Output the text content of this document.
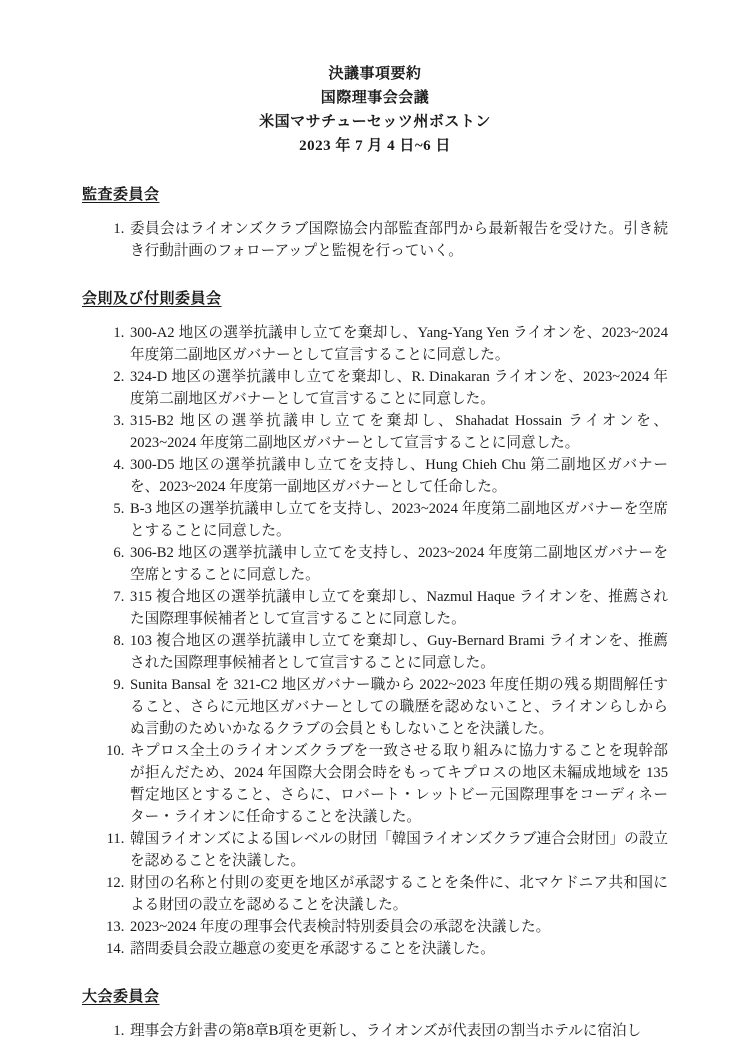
決議事項要約
国際理事会会議
米国マサチューセッツ州ボストン
2023 年 7 月 4 日~6 日
監査委員会
1. 委員会はライオンズクラブ国際協会内部監査部門から最新報告を受けた。引き続き行動計画のフォローアップと監視を行っていく。
会則及び付則委員会
1. 300-A2 地区の選挙抗議申し立てを棄却し、Yang-Yang Yen ライオンを、2023~2024 年度第二副地区ガバナーとして宣言することに同意した。
2. 324-D 地区の選挙抗議申し立てを棄却し、R. Dinakaran ライオンを、2023~2024 年度第二副地区ガバナーとして宣言することに同意した。
3. 315-B2 地区の選挙抗議申し立てを棄却し、Shahadat Hossain ライオンを、2023~2024 年度第二副地区ガバナーとして宣言することに同意した。
4. 300-D5 地区の選挙抗議申し立てを支持し、Hung Chieh Chu 第二副地区ガバナーを、2023~2024 年度第一副地区ガバナーとして任命した。
5. B-3 地区の選挙抗議申し立てを支持し、2023~2024 年度第二副地区ガバナーを空席とすることに同意した。
6. 306-B2 地区の選挙抗議申し立てを支持し、2023~2024 年度第二副地区ガバナーを空席とすることに同意した。
7. 315 複合地区の選挙抗議申し立てを棄却し、Nazmul Haque ライオンを、推薦された国際理事候補者として宣言することに同意した。
8. 103 複合地区の選挙抗議申し立てを棄却し、Guy-Bernard Brami ライオンを、推薦された国際理事候補者として宣言することに同意した。
9. Sunita Bansal を 321-C2 地区ガバナー職から 2022~2023 年度任期の残る期間解任すること、さらに元地区ガバナーとしての職歴を認めないこと、ライオンらしからぬ言動のためいかなるクラブの会員ともしないことを決議した。
10. キプロス全土のライオンズクラブを一致させる取り組みに協力することを現幹部が拒んだため、2024 年国際大会閉会時をもってキプロスの地区未編成地域を 135 暫定地区とすること、さらに、ロバート・レットビー元国際理事をコーディネーター・ライオンに任命することを決議した。
11. 韓国ライオンズによる国レベルの財団「韓国ライオンズクラブ連合会財団」の設立を認めることを決議した。
12. 財団の名称と付則の変更を地区が承認することを条件に、北マケドニア共和国による財団の設立を認めることを決議した。
13. 2023~2024 年度の理事会代表検討特別委員会の承認を決議した。
14. 諮問委員会設立趣意の変更を承認することを決議した。
大会委員会
1. 理事会方針書の第8章B項を更新し、ライオンズが代表団の割当ホテルに宿泊し
